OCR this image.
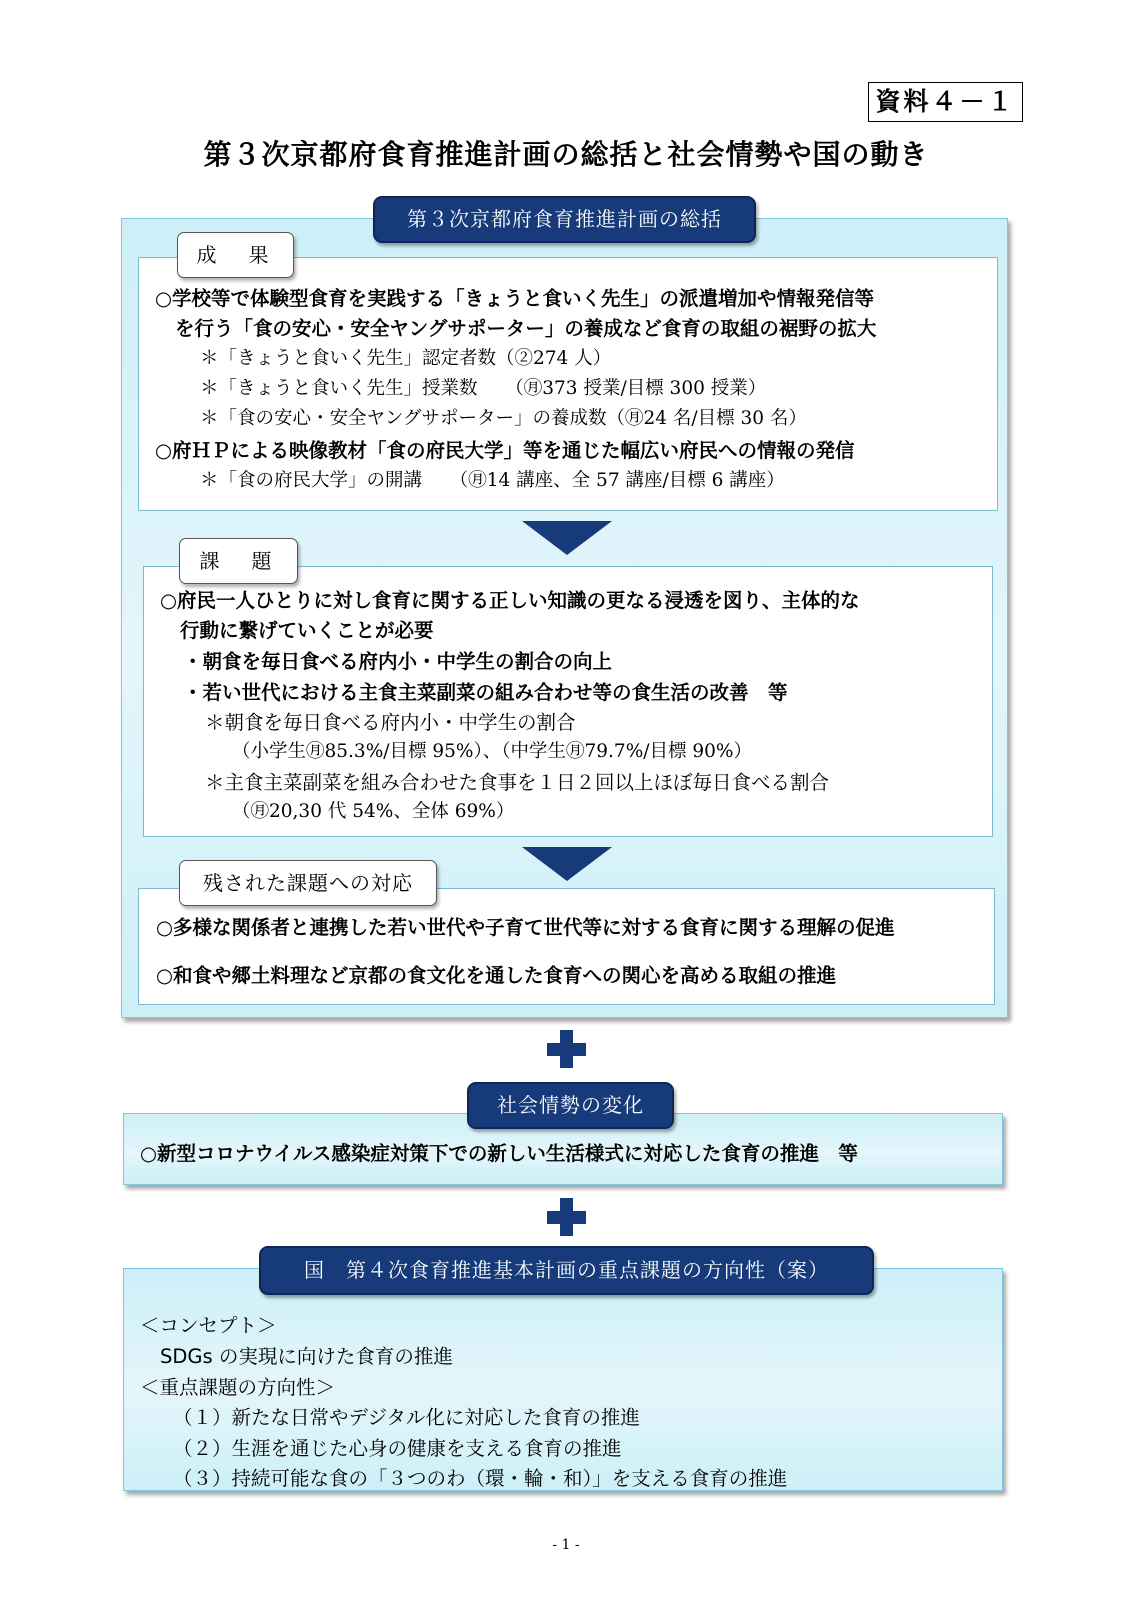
資料４－１
第３次京都府食育推進計画の総括と社会情勢や国の動き
第３次京都府食育推進計画の総括
成　果
○学校等で体験型食育を実践する「きょうと食いく先生」の派遣増加や情報発信等
を行う「食の安心・安全ヤングサポーター」の養成など食育の取組の裾野の拡大
＊「きょうと食いく先生」認定者数（②274 人）
＊「きょうと食いく先生」授業数　　（㊊373 授業/目標 300 授業）
＊「食の安心・安全ヤングサポーター」の養成数（㊊24 名/目標 30 名）
○府ＨＰによる映像教材「食の府民大学」等を通じた幅広い府民への情報の発信
＊「食の府民大学」の開講　　（㊊14 講座、全 57 講座/目標 6 講座）
課　題
○府民一人ひとりに対し食育に関する正しい知識の更なる浸透を図り、主体的な
行動に繋げていくことが必要
・朝食を毎日食べる府内小・中学生の割合の向上
・若い世代における主食主菜副菜の組み合わせ等の食生活の改善　等
＊朝食を毎日食べる府内小・中学生の割合
（小学生㊊85.3%/目標 95%）、（中学生㊊79.7%/目標 90%）
＊主食主菜副菜を組み合わせた食事を１日２回以上ほぼ毎日食べる割合
（㊊20,30 代 54%、全体 69%）
残された課題への対応
○多様な関係者と連携した若い世代や子育て世代等に対する食育に関する理解の促進
○和食や郷土料理など京都の食文化を通した食育への関心を高める取組の推進
社会情勢の変化
○新型コロナウイルス感染症対策下での新しい生活様式に対応した食育の推進　等
国　第４次食育推進基本計画の重点課題の方向性（案）
＜コンセプト＞
SDGs の実現に向けた食育の推進
＜重点課題の方向性＞
（１）新たな日常やデジタル化に対応した食育の推進
（２）生涯を通じた心身の健康を支える食育の推進
（３）持続可能な食の「３つのわ（環・輪・和）」を支える食育の推進
- 1 -
